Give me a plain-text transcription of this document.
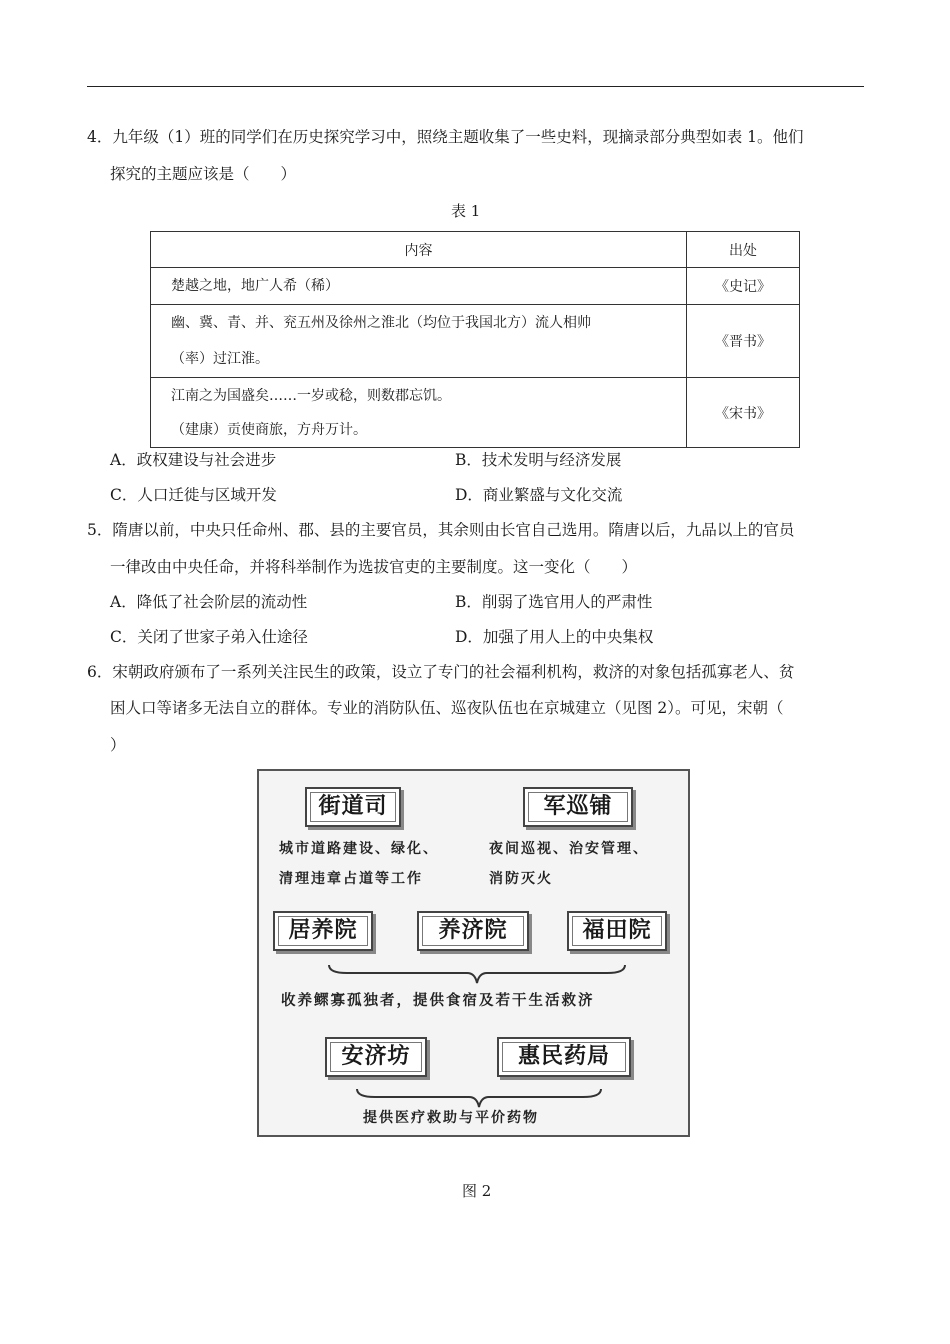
4．九年级（1）班的同学们在历史探究学习中，照绕主题收集了一些史料，现摘录部分典型如表 1。他们
探究的主题应该是（　　）
表 1
内容	出处

楚越之地，地广人希（稀）	《史记》

幽、冀、青、并、兖五州及徐州之淮北（均位于我国北方）流人相帅
（率）过江淮。	《晋书》

江南之为国盛矣……一岁或稔，则数郡忘饥。
（建康）贡使商旅，方舟万计。	《宋书》
A．政权建设与社会进步	B．技术发明与经济发展
C．人口迁徙与区域开发	D．商业繁盛与文化交流
5．隋唐以前，中央只任命州、郡、县的主要官员，其余则由长官自己选用。隋唐以后，九品以上的官员
一律改由中央任命，并将科举制作为选拔官吏的主要制度。这一变化（　　）
A．降低了社会阶层的流动性	B．削弱了选官用人的严肃性
C．关闭了世家子弟入仕途径	D．加强了用人上的中央集权
6．宋朝政府颁布了一系列关注民生的政策，设立了专门的社会福利机构，救济的对象包括孤寡老人、贫
困人口等诸多无法自立的群体。专业的消防队伍、巡夜队伍也在京城建立（见图 2）。可见，宋朝（
）
街道司	军巡铺
城市道路建设、绿化、
清理违章占道等工作
夜间巡视、治安管理、
消防灭火
居养院	养济院	福田院
收养鳏寡孤独者，提供食宿及若干生活救济
安济坊	惠民药局
提供医疗救助与平价药物
图 2
